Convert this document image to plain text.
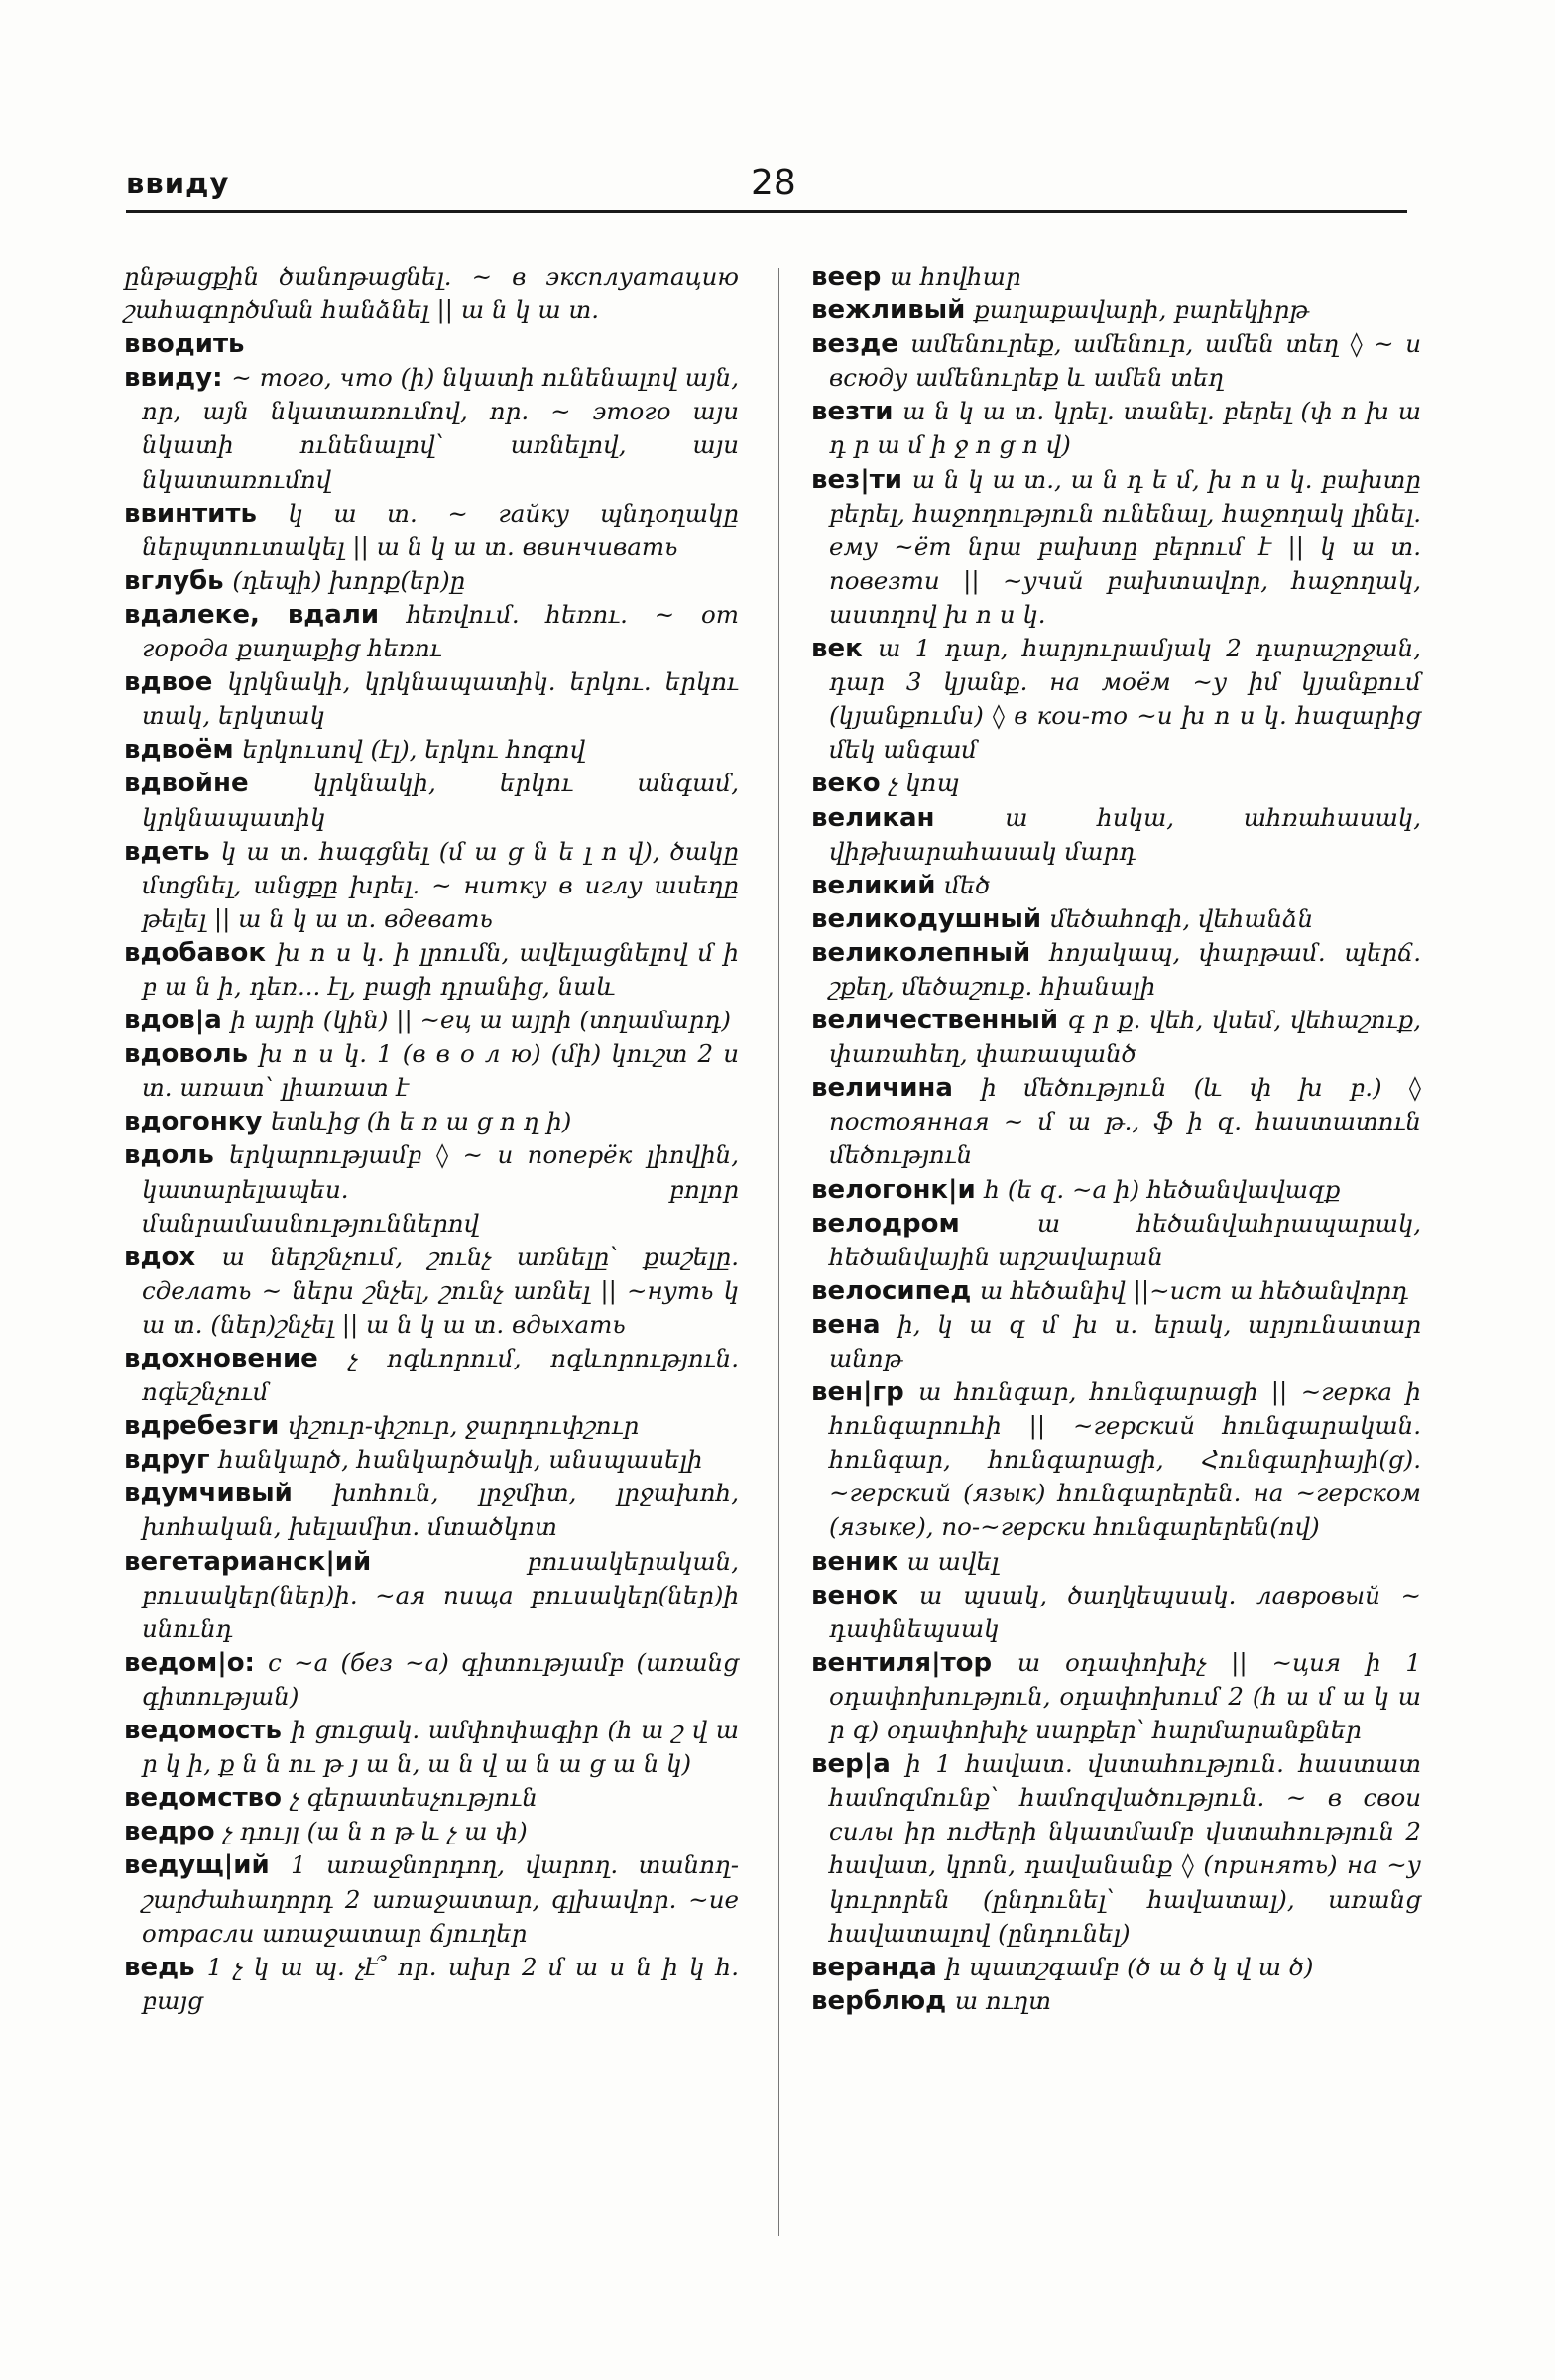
ввиду	28

ընթացքին ծանոթացնել. ~ в эксплуатацию շահագործման հանձնել || ա ն կ ա տ.

вводить

ввиду: ~ того, что (ի) նկատի ունենալով այն, որ, այն նկատառումով, որ. ~ этого այս նկատի ունենալով՝ առնելով, այս նկատառումով

ввинтить կ ա տ. ~ гайку պնդօղակը ներպտուտակել || ա ն կ ա տ. ввинчивать

вглубь (դեպի) խորք(եր)ը

вдалеке, вдали հեռվում. հեռու. ~ от города քաղաքից հեռու

вдвое կրկնակի, կրկնապատիկ. երկու. երկու տակ, երկտակ

вдвоём երկուսով (էլ), երկու հոգով

вдвойне	կրկնակի, երկու անգամ, կրկնապատիկ

вдеть կ ա տ. հագցնել (մ ա ց ն ե լ ո վ), ծակը մտցնել, անցքը խրել. ~ нитку в иглу ասեղը թելել || ա ն կ ա տ. вдевать

вдобавок խ ո ս կ. ի լրումն, ավելացնելով մ ի բ ա ն ի, դեռ... էլ, բացի դրանից, նաև

вдов|а ի այրի (կին) || ~ец ա այրի (տղամարդ)

вдоволь խ ո ս կ. 1 (в в о л ю) (մի) կուշտ 2 ս տ. առատ՝ լիառատ է

вдогонку ետևից (հ ե ռ ա ց ո ղ ի)

вдоль երկարությամբ ◊ ~ и поперёк լիովին, կատարելապես. բոլոր մանրամասնություններով

вдох ա ներշնչում, շունչ առնելը՝ քաշելը. сделать ~ ներս շնչել, շունչ առնել || ~нуть կ ա տ. (ներ)շնչել || ա ն կ ա տ. вдыхать

вдохновение չ ոգևորում, ոգևորություն. ոգեշնչում

вдребезги փշուր-փշուր, ջարդուփշուր

вдруг հանկարծ, հանկարծակի, անսպասելի

вдумчивый խոհուն, լրջմիտ, լրջախոհ, խոհական, խելամիտ. մտածկոտ

вегетарианск|ий	բուսակերական, բուսակեր(ներ)ի. ~ая пища բուսակեր(ներ)ի սնունդ

ведом|о: с ~а (без ~а) գիտությամբ (առանց գիտության)

ведомость ի ցուցակ. ամփոփագիր (հ ա շ վ ա ր կ ի, ք ն ն ու թ յ ա ն, ա ն վ ա ն ա ց ա ն կ)

ведомство չ գերատեսչություն

ведро չ դույլ (ա ն ո թ և չ ա փ)

ведущ|ий 1 առաջնորդող, վարող. տանող-շարժահաղորդ 2 առաջատար, գլխավոր. ~ие отрасли առաջատար ճյուղեր

ведь 1 չ կ ա պ. չէ՞ որ. ախր 2 մ ա ս ն ի կ հ. բայց

веер ա հովհար

вежливый քաղաքավարի, բարեկիրթ

везде ամենուրեք, ամենուր, ամեն տեղ ◊ ~ и всюду ամենուրեք և ամեն տեղ

везти ա ն կ ա տ. կրել. տանել. բերել (փ ո խ ա դ ր ա մ ի ջ ո ց ո վ)

вез|ти ա ն կ ա տ., ա ն դ ե մ, խ ո ս կ. բախտը բերել, հաջողություն ունենալ, հաջողակ լինել. ему ~ёт նրա բախտը բերում է || կ ա տ. повезти || ~учий բախտավոր, հաջողակ, աստղով խ ո ս կ.

век ա 1 դար, հարյուրամյակ 2 դարաշրջան, դար 3 կյանք. на моём ~у իմ կյանքում (կյանքումս) ◊ в кои-то ~и խ ո ս կ. հազարից մեկ անգամ

веко չ կոպ

великан	ա հսկա, ահռահասակ, վիթխարահասակ մարդ

великий մեծ

великодушный մեծահոգի, վեհանձն

великолепный հոյակապ, փարթամ. պերճ. շքեղ, մեծաշուք. հիանալի

величественный գ ր ք. վեհ, վսեմ, վեհաշուք, փառահեղ, փառապանծ

величина ի մեծություն (և փ խ բ.) ◊ постоянная ~ մ ա թ., ֆ ի զ. հաստատուն մեծություն

велогонк|и հ (ե զ. ~а ի) հեծանվավազք

велодром	ա հեծանվահրապարակ, հեծանվային արշավարան

велосипед ա հեծանիվ ||~ист ա հեծանվորդ

вена ի, կ ա զ մ խ ս. երակ, արյունատար անոթ

вен|гр ա հունգար, հունգարացի || ~герка ի հունգարուհի || ~герский հունգարական. հունգար, հունգարացի, Հունգարիայի(ց). ~герский (язык) հունգարերեն. на ~герском (языке), по-~герски հունգարերեն(ով)

веник ա ավել

венок ա պսակ, ծաղկեպսակ. лавровый ~ դափնեպսակ

вентиля|тор ա օդափոխիչ || ~ция ի 1 օդափոխություն, օդափոխում 2 (հ ա մ ա կ ա ր գ) օդափոխիչ սարքեր՝ հարմարանքներ

вер|а ի 1 հավատ. վստահություն. հաստատ համոզմունք՝ համոզվածություն. ~ в свои силы իր ուժերի նկատմամբ վստահություն 2 հավատ, կրոն, դավանանք ◊ (принять) на ~у կուրորեն (ընդունել՝ հավատալ), առանց հավատալով (ընդունել)

веранда ի պատշգամբ (ծ ա ծ կ վ ա ծ)

верблюд ա ուղտ
